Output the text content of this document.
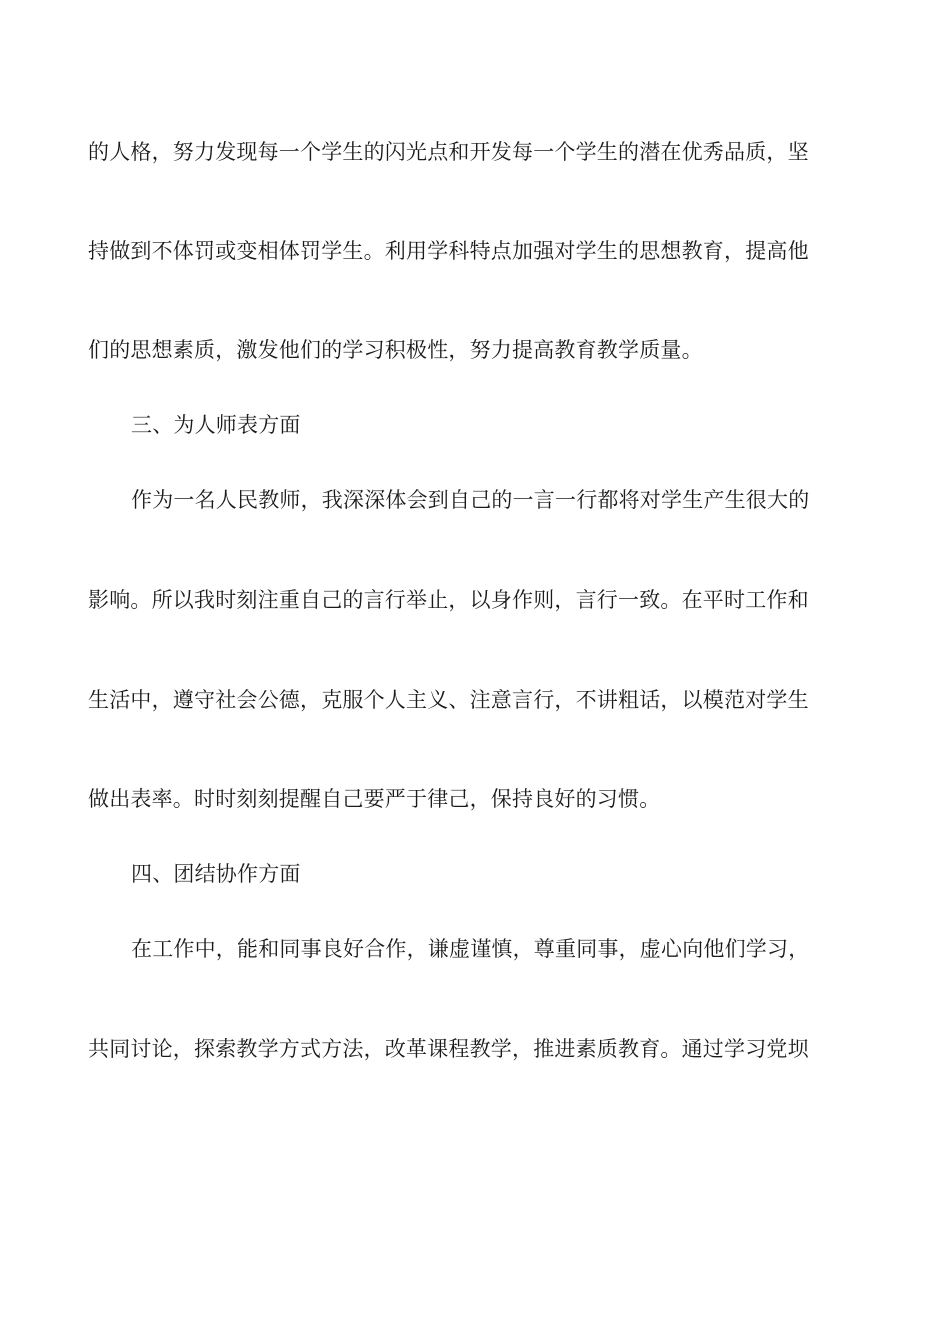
的人格，努力发现每一个学生的闪光点和开发每一个学生的潜在优秀品质，坚
持做到不体罚或变相体罚学生。利用学科特点加强对学生的思想教育，提高他
们的思想素质，激发他们的学习积极性，努力提高教育教学质量。
三、为人师表方面
作为一名人民教师，我深深体会到自己的一言一行都将对学生产生很大的
影响。所以我时刻注重自己的言行举止，以身作则，言行一致。在平时工作和
生活中，遵守社会公德，克服个人主义、注意言行，不讲粗话，以模范对学生
做出表率。时时刻刻提醒自己要严于律己，保持良好的习惯。
四、团结协作方面
在工作中，能和同事良好合作，谦虚谨慎，尊重同事，虚心向他们学习，
共同讨论，探索教学方式方法，改革课程教学，推进素质教育。通过学习党坝
